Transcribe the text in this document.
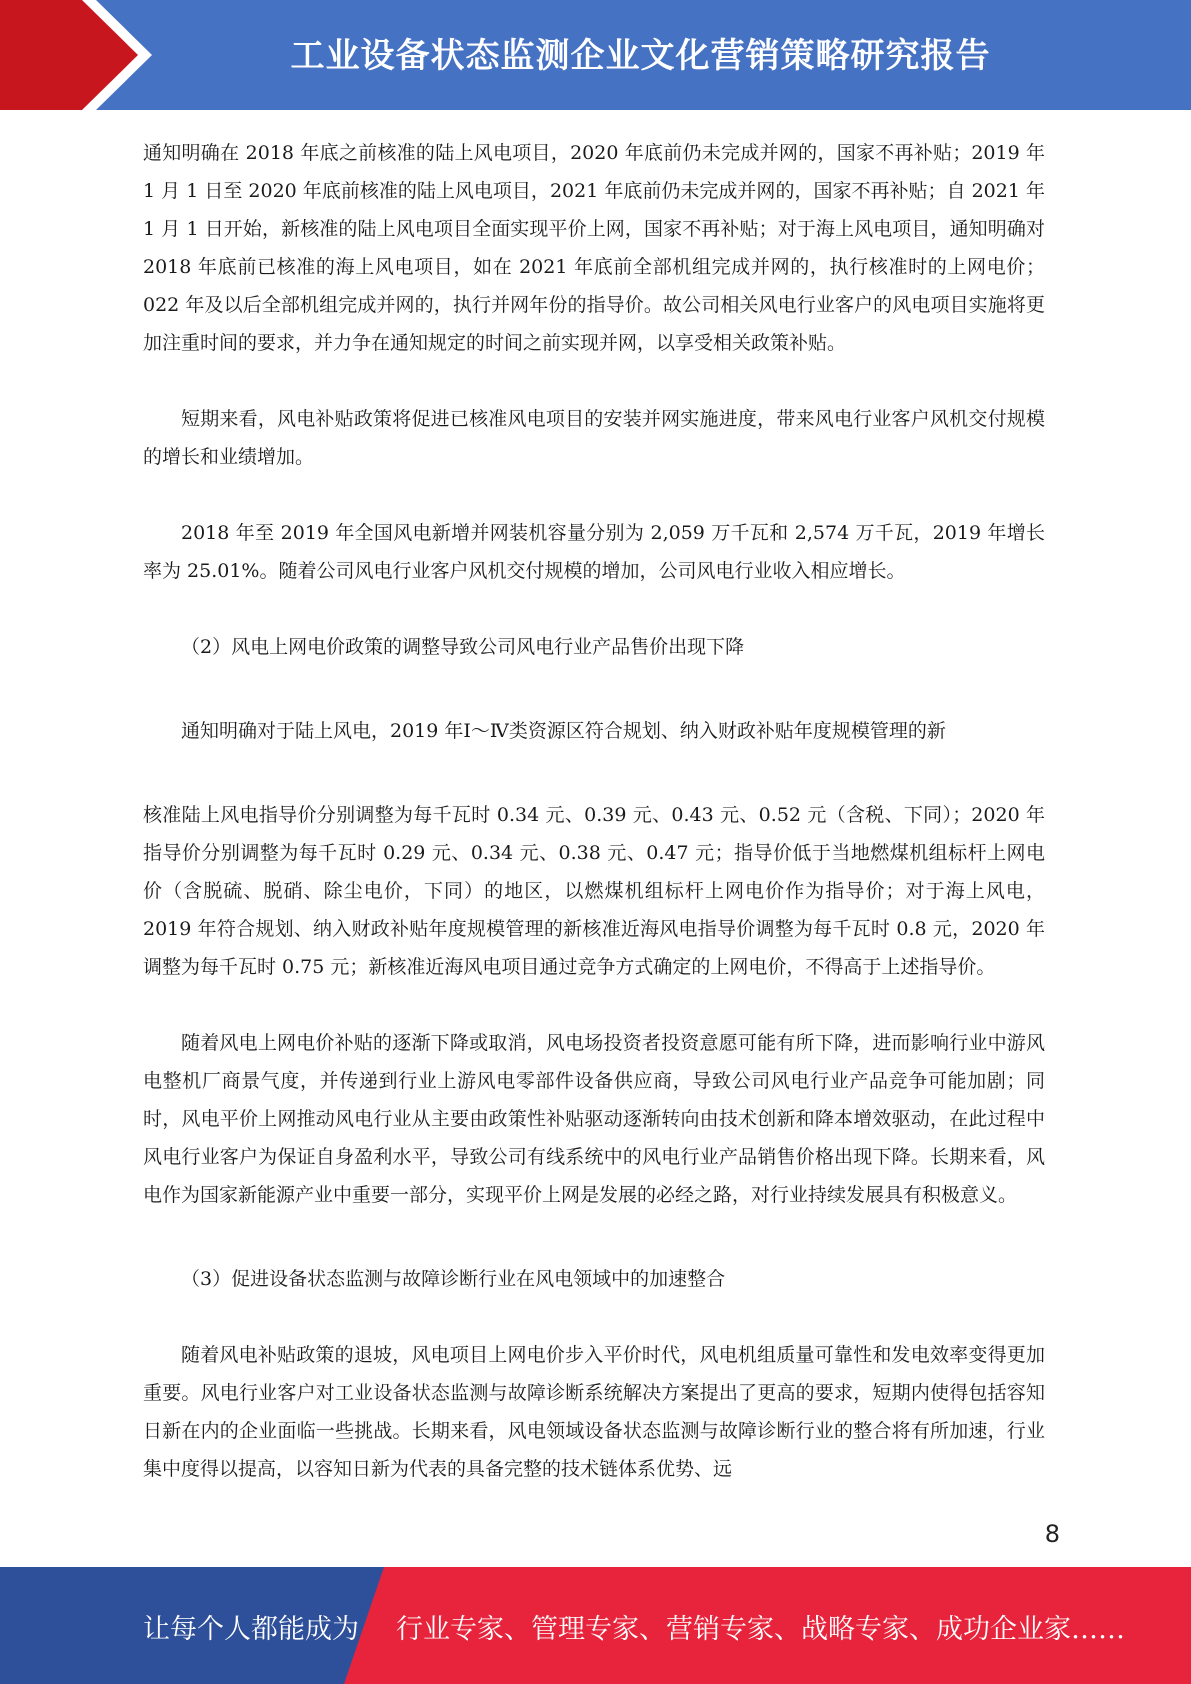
工业设备状态监测企业文化营销策略研究报告

通知明确在 2018 年底之前核准的陆上风电项目，2020 年底前仍未完成并网的，国家不再补贴；2019 年 1 月 1 日至 2020 年底前核准的陆上风电项目，2021 年底前仍未完成并网的，国家不再补贴；自 2021 年 1 月 1 日开始，新核准的陆上风电项目全面实现平价上网，国家不再补贴；对于海上风电项目，通知明确对 2018 年底前已核准的海上风电项目，如在 2021 年底前全部机组完成并网的，执行核准时的上网电价；022 年及以后全部机组完成并网的，执行并网年份的指导价。故公司相关风电行业客户的风电项目实施将更加注重时间的要求，并力争在通知规定的时间之前实现并网，以享受相关政策补贴。

短期来看，风电补贴政策将促进已核准风电项目的安装并网实施进度，带来风电行业客户风机交付规模的增长和业绩增加。

2018 年至 2019 年全国风电新增并网装机容量分别为 2,059 万千瓦和 2,574 万千瓦，2019 年增长率为 25.01%。随着公司风电行业客户风机交付规模的增加，公司风电行业收入相应增长。

（2）风电上网电价政策的调整导致公司风电行业产品售价出现下降

通知明确对于陆上风电，2019 年Ⅰ～Ⅳ类资源区符合规划、纳入财政补贴年度规模管理的新

核准陆上风电指导价分别调整为每千瓦时 0.34 元、0.39 元、0.43 元、0.52 元（含税、下同）；2020 年指导价分别调整为每千瓦时 0.29 元、0.34 元、0.38 元、0.47 元；指导价低于当地燃煤机组标杆上网电价（含脱硫、脱硝、除尘电价，下同）的地区，以燃煤机组标杆上网电价作为指导价；对于海上风电，2019 年符合规划、纳入财政补贴年度规模管理的新核准近海风电指导价调整为每千瓦时 0.8 元，2020 年调整为每千瓦时 0.75 元；新核准近海风电项目通过竞争方式确定的上网电价，不得高于上述指导价。

随着风电上网电价补贴的逐渐下降或取消，风电场投资者投资意愿可能有所下降，进而影响行业中游风电整机厂商景气度，并传递到行业上游风电零部件设备供应商，导致公司风电行业产品竞争可能加剧；同时，风电平价上网推动风电行业从主要由政策性补贴驱动逐渐转向由技术创新和降本增效驱动，在此过程中风电行业客户为保证自身盈利水平，导致公司有线系统中的风电行业产品销售价格出现下降。长期来看，风电作为国家新能源产业中重要一部分，实现平价上网是发展的必经之路，对行业持续发展具有积极意义。

（3）促进设备状态监测与故障诊断行业在风电领域中的加速整合

随着风电补贴政策的退坡，风电项目上网电价步入平价时代，风电机组质量可靠性和发电效率变得更加重要。风电行业客户对工业设备状态监测与故障诊断系统解决方案提出了更高的要求，短期内使得包括容知日新在内的企业面临一些挑战。长期来看，风电领域设备状态监测与故障诊断行业的整合将有所加速，行业集中度得以提高，以容知日新为代表的具备完整的技术链体系优势、远

8
让每个人都能成为 行业专家、管理专家、营销专家、战略专家、成功企业家……
